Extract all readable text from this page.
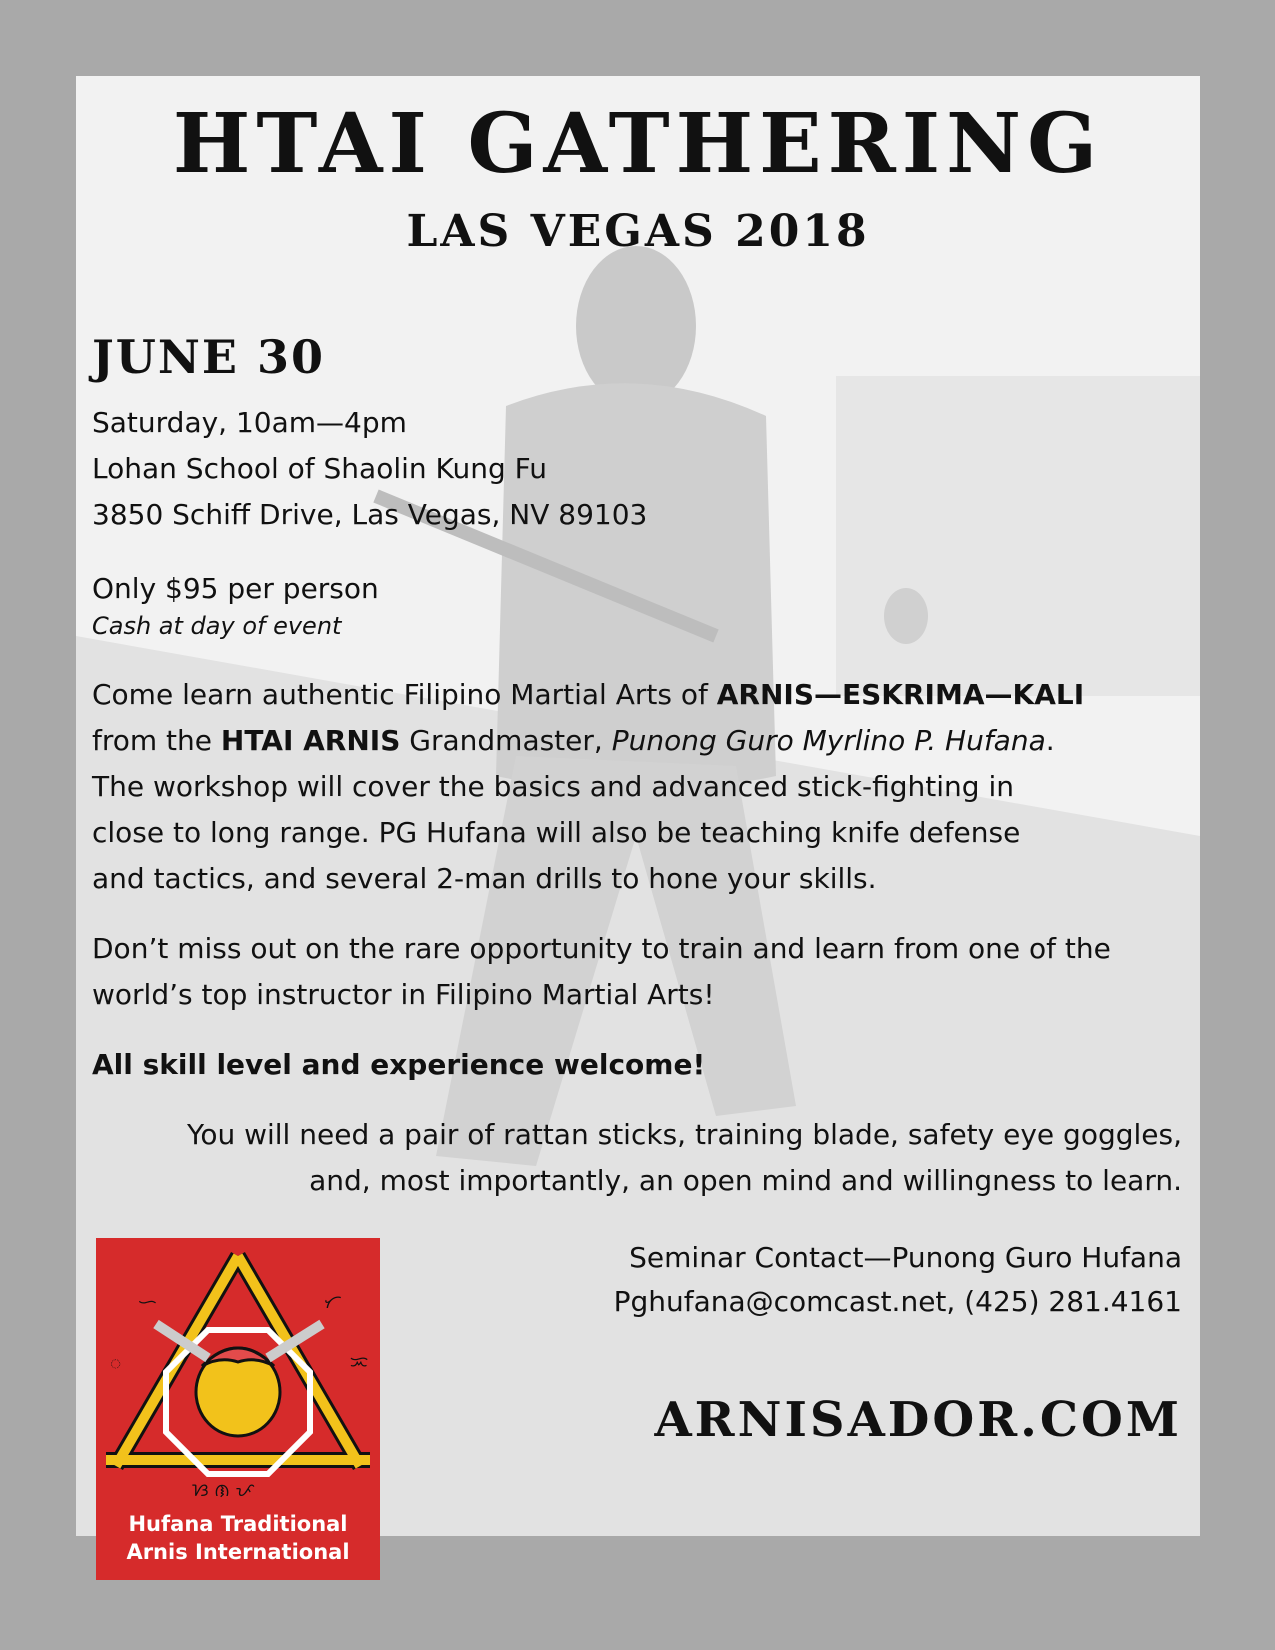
HTAI GATHERING
LAS VEGAS 2018
JUNE 30
Saturday, 10am—4pm
Lohan School of Shaolin Kung Fu
3850 Schiff Drive, Las Vegas, NV 89103
Only $95 per person
Cash at day of event
Come learn authentic Filipino Martial Arts of ARNIS—ESKRIMA—KALI
from the HTAI ARNIS Grandmaster, Punong Guro Myrlino P. Hufana.
The workshop will cover the basics and advanced stick-fighting in close to long range. PG Hufana will also be teaching knife defense and tactics, and several 2-man drills to hone your skills.
Don’t miss out on the rare opportunity to train and learn from one of the world’s top instructor in Filipino Martial Arts!
All skill level and experience welcome!
You will need a pair of rattan sticks, training blade, safety eye goggles, and, most importantly, an open mind and willingness to learn.
Seminar Contact—Punong Guro Hufana
Pghufana@comcast.net, (425) 281.4161
ARNISADOR.COM
ᜑ	ᜆ
ᜀ	ᜁ
ᜐ ᜈ ᜉ
Hufana Traditional
Arnis International
